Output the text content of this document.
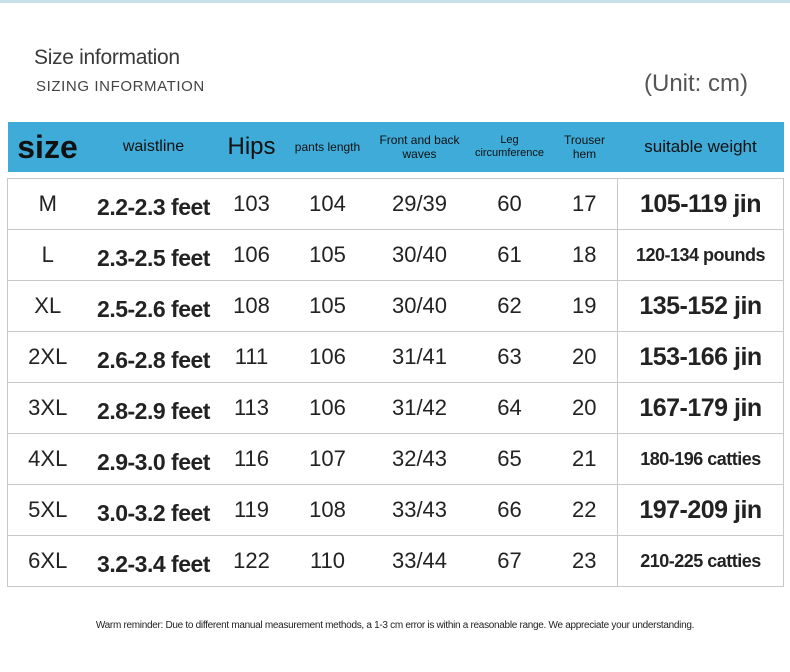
Size information
SIZING INFORMATION	(Unit: cm)
size	waistline	Hips	pants length	Front and back waves	Leg circumference	Trouser hem	suitable weight

M	2.2-2.3 feet	103	104	29/39	60	17	105-119 jin
L	2.3-2.5 feet	106	105	30/40	61	18	120-134 pounds
XL	2.5-2.6 feet	108	105	30/40	62	19	135-152 jin
2XL	2.6-2.8 feet	111	106	31/41	63	20	153-166 jin
3XL	2.8-2.9 feet	113	106	31/42	64	20	167-179 jin
4XL	2.9-3.0 feet	116	107	32/43	65	21	180-196 catties
5XL	3.0-3.2 feet	119	108	33/43	66	22	197-209 jin
6XL	3.2-3.4 feet	122	110	33/44	67	23	210-225 catties
Warm reminder: Due to different manual measurement methods, a 1-3 cm error is within a reasonable range. We appreciate your understanding.
